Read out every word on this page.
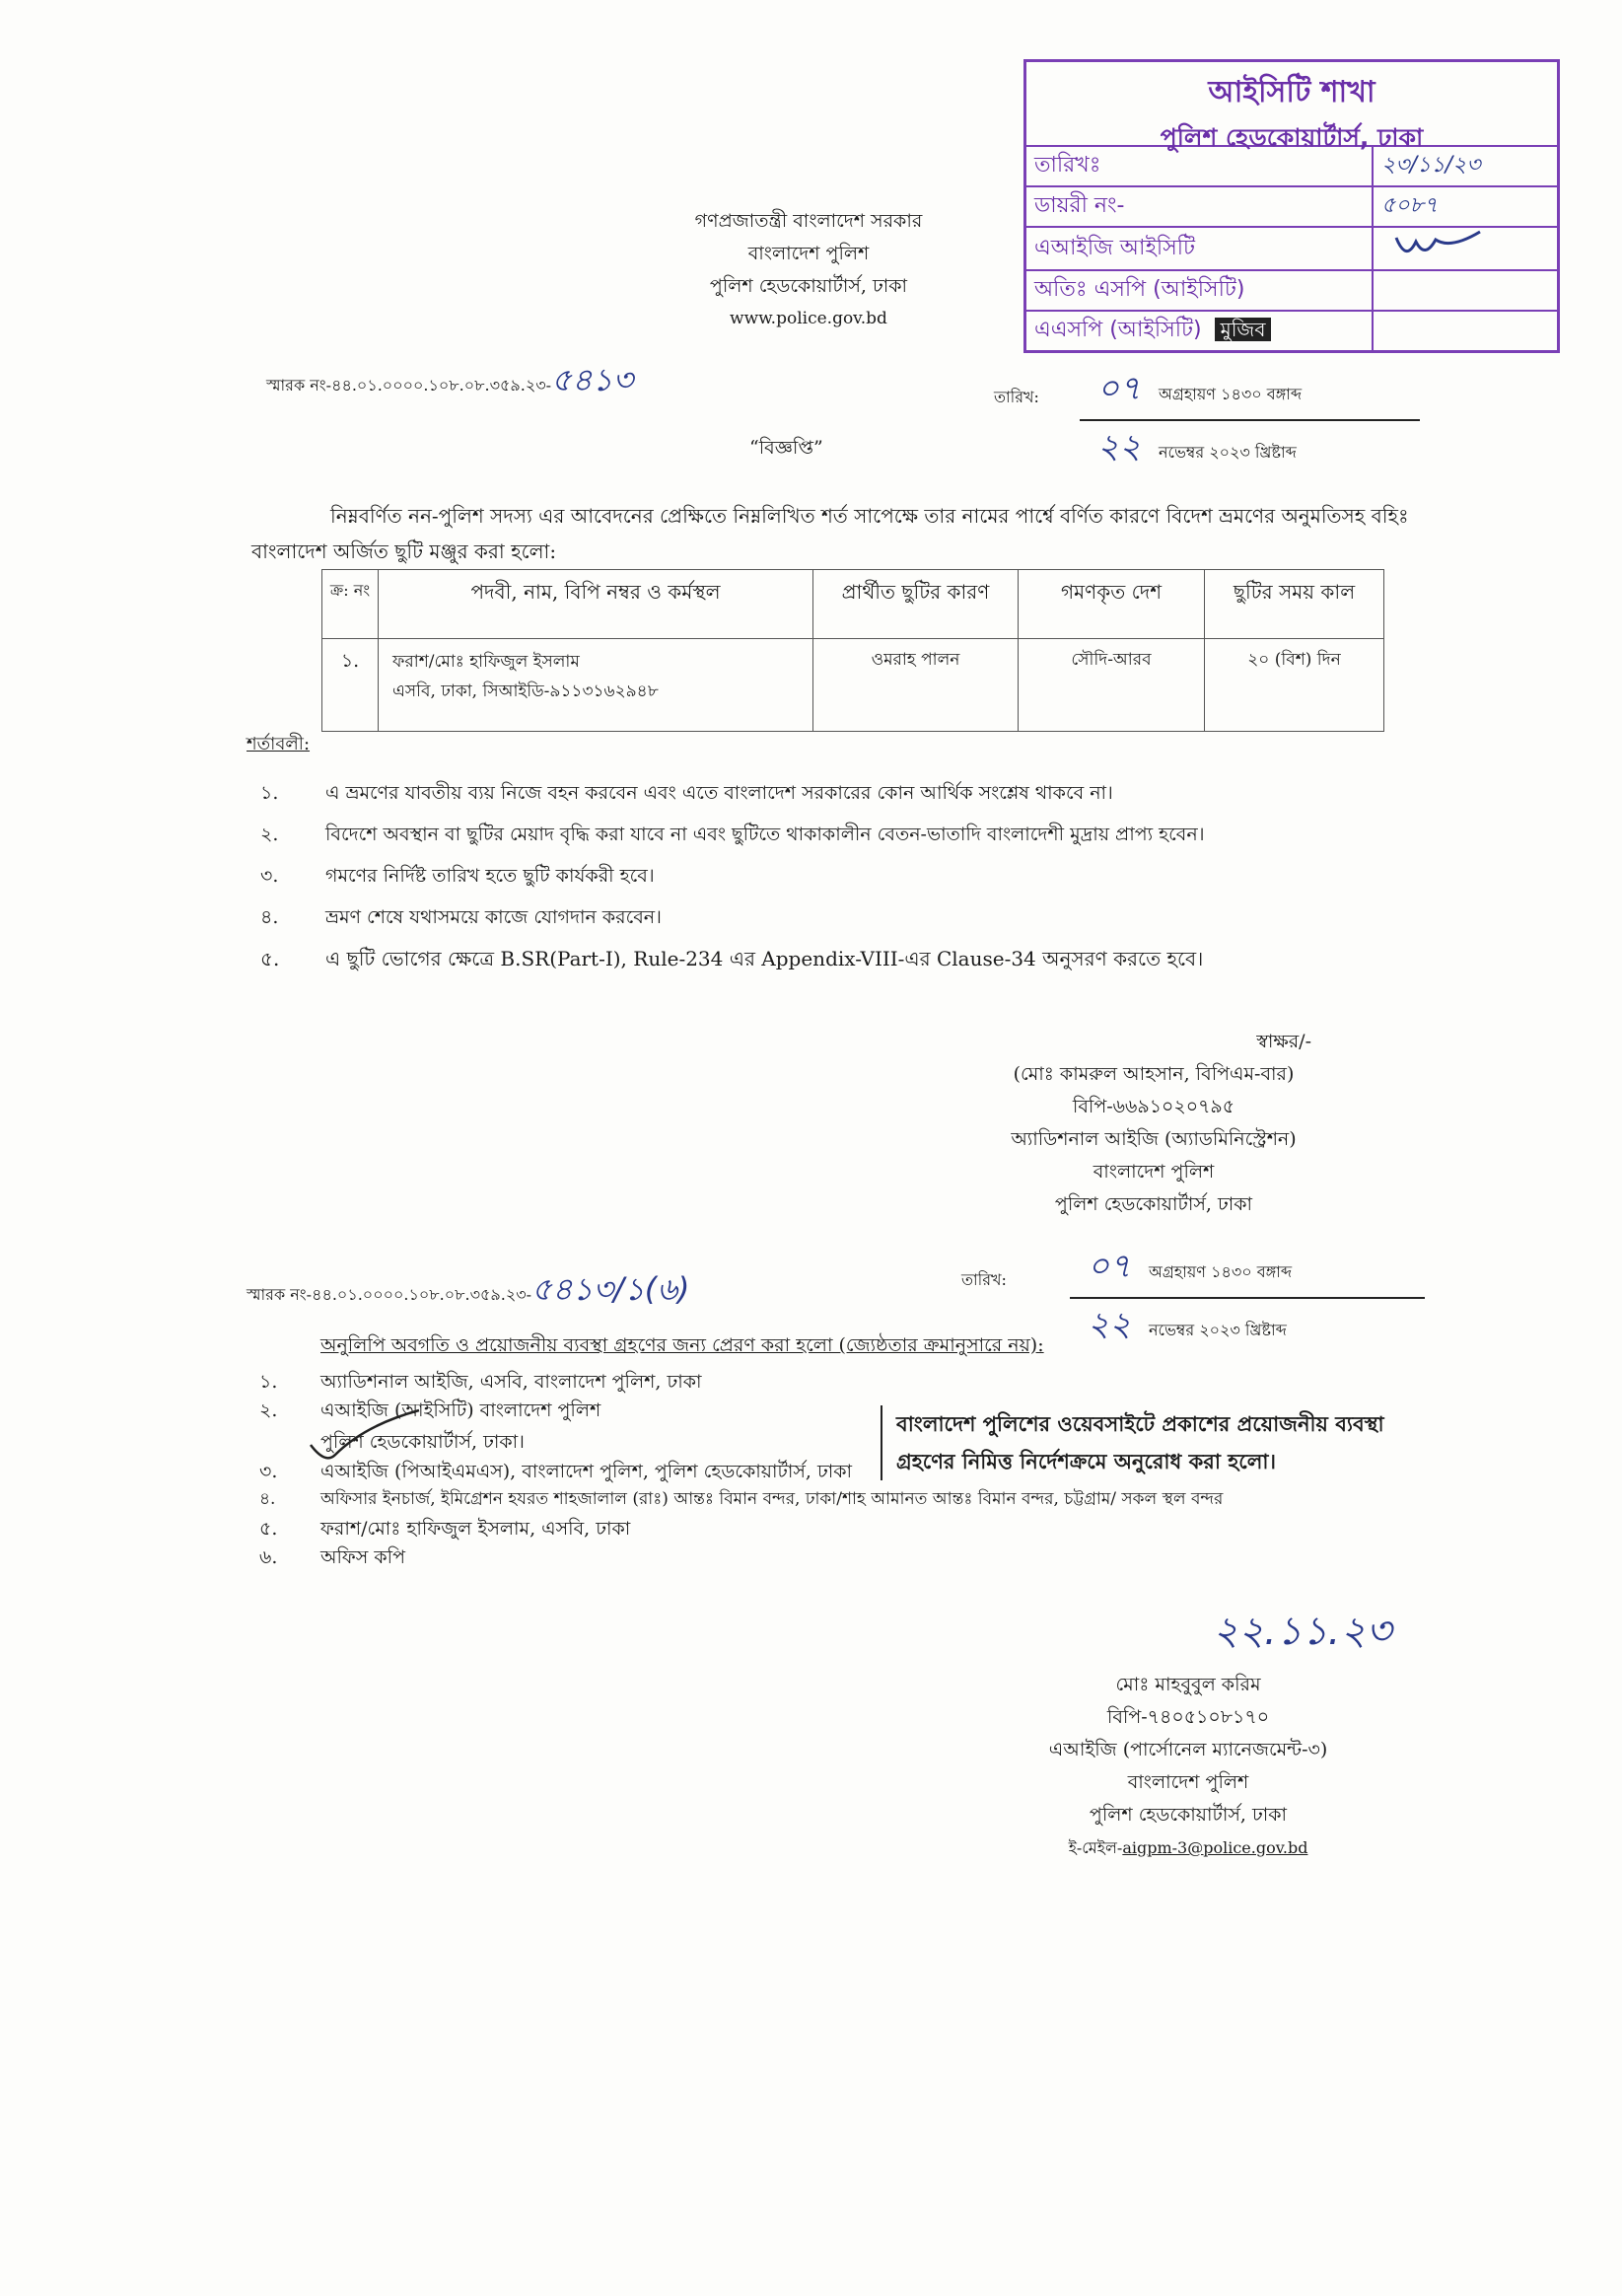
আইসিটি শাখা
পুলিশ হেডকোয়ার্টার্স, ঢাকা
তারিখঃ	২৩/১১/২৩
ডায়রী নং-	৫০৮৭
এআইজি আইসিটি	
অতিঃ এসপি (আইসিটি)	
এএসপি (আইসিটি) মুজিব	
গণপ্রজাতন্ত্রী বাংলাদেশ সরকার
বাংলাদেশ পুলিশ
পুলিশ হেডকোয়ার্টার্স, ঢাকা
www.police.gov.bd
স্মারক নং-৪৪.০১.০০০০.১০৮.০৮.৩৫৯.২৩-৫৪১৩	তারিখ:	০৭ অগ্রহায়ণ ১৪৩০ বঙ্গাব্দ
২২ নভেম্বর ২০২৩ খ্রিষ্টাব্দ
“বিজ্ঞপ্তি”
নিম্নবর্ণিত নন-পুলিশ সদস্য এর আবেদনের প্রেক্ষিতে নিম্নলিখিত শর্ত সাপেক্ষে তার নামের পার্শ্বে বর্ণিত কারণে বিদেশ ভ্রমণের অনুমতিসহ বহিঃ বাংলাদেশ অর্জিত ছুটি মঞ্জুর করা হলো:
ক্র: নং	পদবী, নাম, বিপি নম্বর ও কর্মস্থল	প্রার্থীত ছুটির কারণ	গমণকৃত দেশ	ছুটির সময় কাল
১.	ফরাশ/মোঃ হাফিজুল ইসলাম
এসবি, ঢাকা, সিআইডি-৯১১৩১৬২৯৪৮	ওমরাহ পালন	সৌদি-আরব	২০ (বিশ) দিন
শর্তাবলী:
১.	এ ভ্রমণের যাবতীয় ব্যয় নিজে বহন করবেন এবং এতে বাংলাদেশ সরকারের কোন আর্থিক সংশ্লেষ থাকবে না।
২.	বিদেশে অবস্থান বা ছুটির মেয়াদ বৃদ্ধি করা যাবে না এবং ছুটিতে থাকাকালীন বেতন-ভাতাদি বাংলাদেশী মুদ্রায় প্রাপ্য হবেন।
৩.	গমণের নির্দিষ্ট তারিখ হতে ছুটি কার্যকরী হবে।
৪.	ভ্রমণ শেষে যথাসময়ে কাজে যোগদান করবেন।
৫. এ ছুটি ভোগের ক্ষেত্রে B.SR(Part-I), Rule-234 এর Appendix-VIII-এর Clause-34 অনুসরণ করতে হবে।
স্বাক্ষর/-
(মোঃ কামরুল আহসান, বিপিএম-বার)
বিপি-৬৬৯১০২০৭৯৫
অ্যাডিশনাল আইজি (অ্যাডমিনিস্ট্রেশন)
বাংলাদেশ পুলিশ
পুলিশ হেডকোয়ার্টার্স, ঢাকা
স্মারক নং-৪৪.০১.০০০০.১০৮.০৮.৩৫৯.২৩-৫৪১৩/১(৬)	তারিখ:	০৭ অগ্রহায়ণ ১৪৩০ বঙ্গাব্দ
২২ নভেম্বর ২০২৩ খ্রিষ্টাব্দ
অনুলিপি অবগতি ও প্রয়োজনীয় ব্যবস্থা গ্রহণের জন্য প্রেরণ করা হলো (জ্যেষ্ঠতার ক্রমানুসারে নয়):
১. অ্যাডিশনাল আইজি, এসবি, বাংলাদেশ পুলিশ, ঢাকা
২. এআইজি (আইসিটি) বাংলাদেশ পুলিশ
পুলিশ হেডকোয়ার্টার্স, ঢাকা।
৩. এআইজি (পিআইএমএস), বাংলাদেশ পুলিশ, পুলিশ হেডকোয়ার্টার্স, ঢাকা
৪.	অফিসার ইনচার্জ, ইমিগ্রেশন হযরত শাহজালাল (রাঃ) আন্তঃ বিমান বন্দর, ঢাকা/শাহ আমানত আন্তঃ বিমান বন্দর, চট্টগ্রাম/ সকল স্থল বন্দর
৫. ফরাশ/মোঃ হাফিজুল ইসলাম, এসবি, ঢাকা
৬. অফিস কপি
বাংলাদেশ পুলিশের ওয়েবসাইটে প্রকাশের প্রয়োজনীয় ব্যবস্থা গ্রহণের নিমিত্ত নির্দেশক্রমে অনুরোধ করা হলো।
২২.১১.২৩
মোঃ মাহবুবুল করিম
বিপি-৭৪০৫১০৮১৭০
এআইজি (পার্সোনেল ম্যানেজমেন্ট-৩)
বাংলাদেশ পুলিশ
পুলিশ হেডকোয়ার্টার্স, ঢাকা
ই-মেইল-aigpm-3@police.gov.bd
